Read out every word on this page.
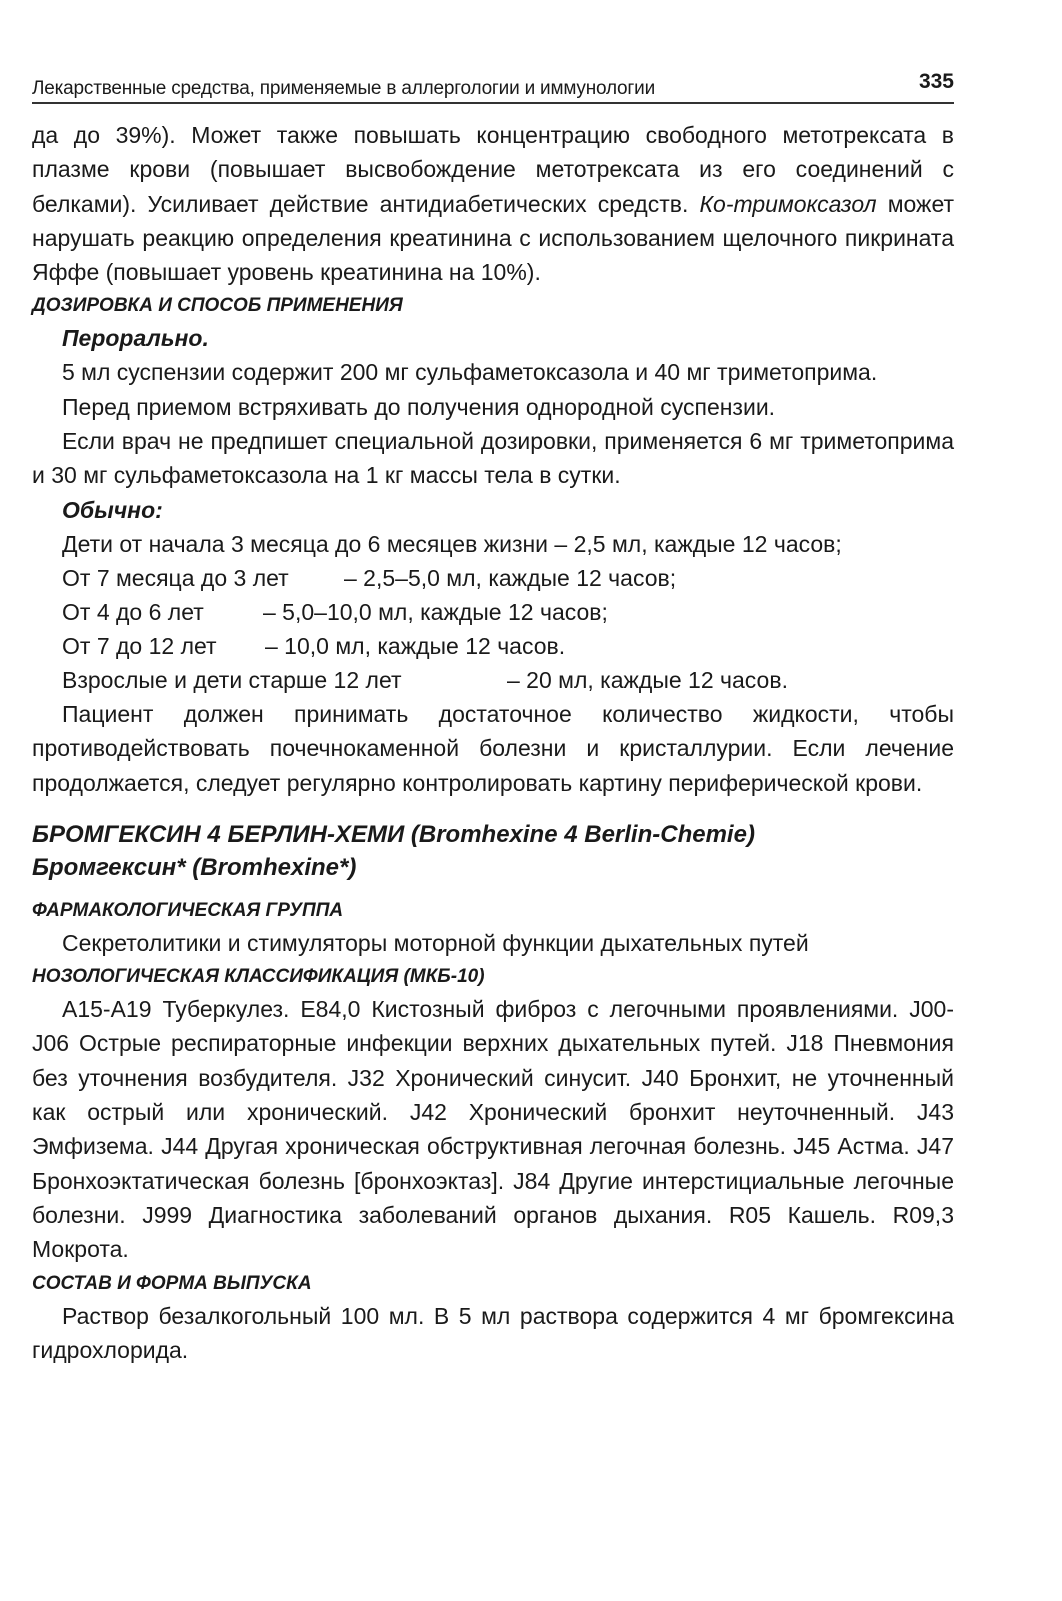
Лекарственные средства, применяемые в аллергологии и иммунологии	335

да до 39%). Может также повышать концентрацию свободного метотрексата в плазме крови (повышает высвобождение метотрексата из его соединений с белками). Усиливает действие антидиабетических средств. Ко-тримоксазол может нарушать реакцию определения креатинина с использованием щелочного пикрината Яффе (повышает уровень креатинина на 10%).

ДОЗИРОВКА И СПОСОБ ПРИМЕНЕНИЯ
Перорально.

5 мл суспензии содержит 200 мг сульфаметоксазола и 40 мг триметоприма.

Перед приемом встряхивать до получения однородной суспензии.

Если врач не предпишет специальной дозировки, применяется 6 мг триметоприма и 30 мг сульфаметоксазола на 1 кг массы тела в сутки.

Обычно:

Дети от начала 3 месяца до 6 месяцев жизни – 2,5 мл, каждые 12 часов;

От 7 месяца до 3 лет	– 2,5–5,0 мл, каждые 12 часов;
От 4 до 6 лет	– 5,0–10,0 мл, каждые 12 часов;
От 7 до 12 лет	– 10,0 мл, каждые 12 часов.
Взрослые и дети старше 12 лет	– 20 мл, каждые 12 часов.

Пациент должен принимать достаточное количество жидкости, чтобы противодействовать почечнокаменной болезни и кристаллурии. Если лечение продолжается, следует регулярно контролировать картину периферической крови.

БРОМГЕКСИН 4 БЕРЛИН-ХЕМИ (Bromhexine 4 Berlin-Chemie)
Бромгексин* (Bromhexine*)
ФАРМАКОЛОГИЧЕСКАЯ ГРУППА

Секретолитики и стимуляторы моторной функции дыхательных путей

НОЗОЛОГИЧЕСКАЯ КЛАССИФИКАЦИЯ (МКБ-10)

A15-A19 Туберкулез. E84,0 Кистозный фиброз с легочными проявлениями. J00-J06 Острые респираторные инфекции верхних дыхательных путей. J18 Пневмония без уточнения возбудителя. J32 Хронический синусит. J40 Бронхит, не уточненный как острый или хронический. J42 Хронический бронхит неуточненный. J43 Эмфизема. J44 Другая хроническая обструктивная легочная болезнь. J45 Астма. J47 Бронхоэктатическая болезнь [бронхоэктаз]. J84 Другие интерстициальные легочные болезни. J999 Диагностика заболеваний органов дыхания. R05 Кашель. R09,3 Мокрота.

СОСТАВ И ФОРМА ВЫПУСКА

Раствор безалкогольный 100 мл. В 5 мл раствора содержится 4 мг бромгексина гидрохлорида.
